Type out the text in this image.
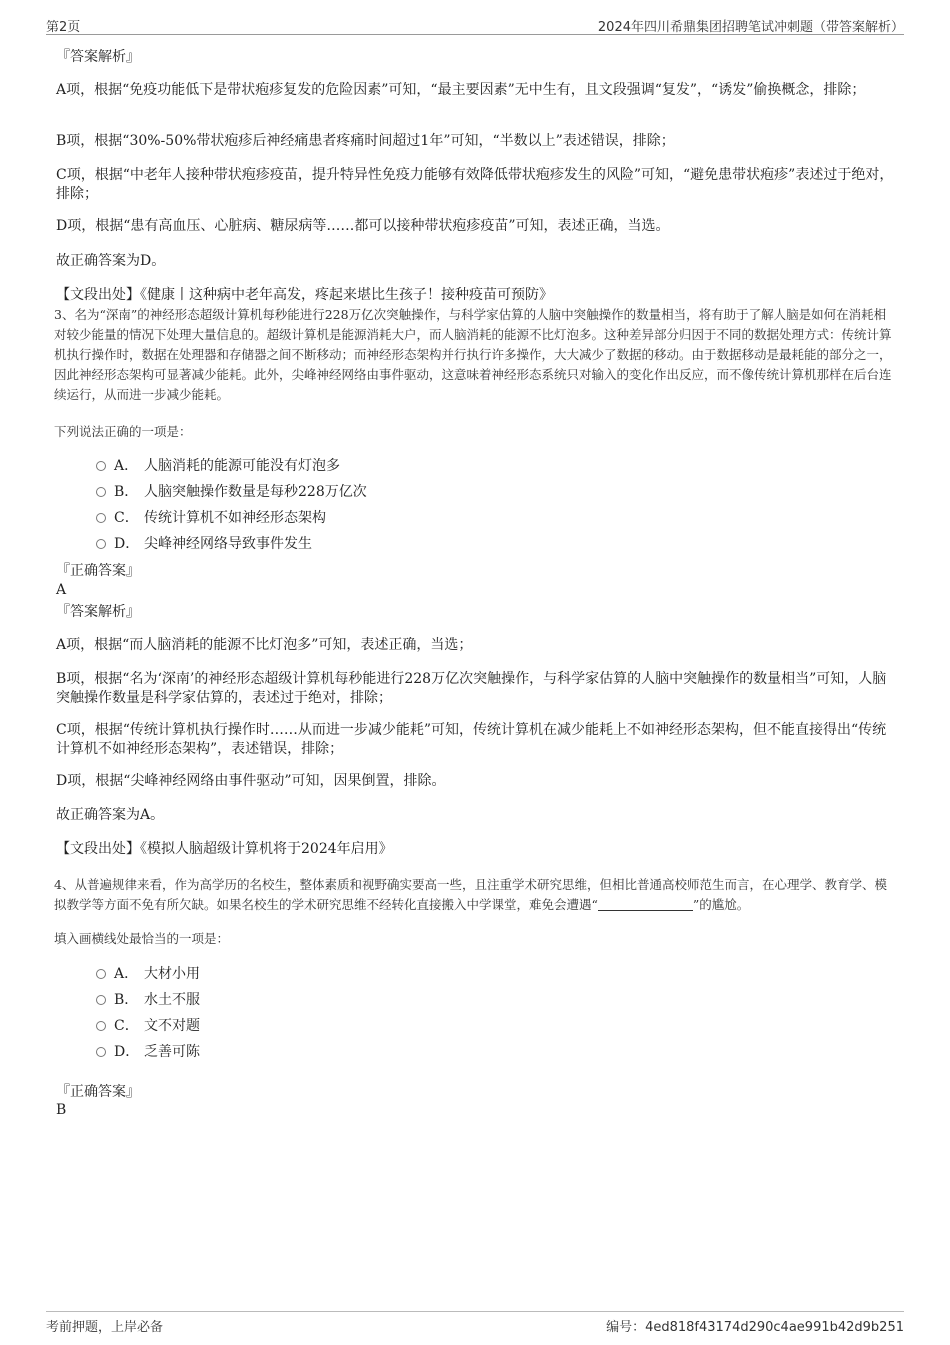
第2页	2024年四川希鼎集团招聘笔试冲刺题（带答案解析）
『答案解析』
A项，根据“免疫功能低下是带状疱疹复发的危险因素”可知，“最主要因素”无中生有，且文段强调“复发”，“诱发”偷换概念，排除；
B项，根据“30%-50%带状疱疹后神经痛患者疼痛时间超过1年”可知，“半数以上”表述错误，排除；
C项，根据“中老年人接种带状疱疹疫苗，提升特异性免疫力能够有效降低带状疱疹发生的风险”可知，“避免患带状疱疹”表述过于绝对，排除；
D项，根据“患有高血压、心脏病、糖尿病等……都可以接种带状疱疹疫苗”可知，表述正确，当选。
故正确答案为D。
【文段出处】《健康丨这种病中老年高发，疼起来堪比生孩子！接种疫苗可预防》
3、名为“深南”的神经形态超级计算机每秒能进行228万亿次突触操作，与科学家估算的人脑中突触操作的数量相当，将有助于了解人脑是如何在消耗相对较少能量的情况下处理大量信息的。超级计算机是能源消耗大户，而人脑消耗的能源不比灯泡多。这种差异部分归因于不同的数据处理方式：传统计算机执行操作时，数据在处理器和存储器之间不断移动；而神经形态架构并行执行许多操作，大大减少了数据的移动。由于数据移动是最耗能的部分之一，因此神经形态架构可显著减少能耗。此外，尖峰神经网络由事件驱动，这意味着神经形态系统只对输入的变化作出反应，而不像传统计算机那样在后台连续运行，从而进一步减少能耗。
下列说法正确的一项是：
A． 人脑消耗的能源可能没有灯泡多
B． 人脑突触操作数量是每秒228万亿次
C． 传统计算机不如神经形态架构
D． 尖峰神经网络导致事件发生
『正确答案』
A
『答案解析』
A项，根据“而人脑消耗的能源不比灯泡多”可知，表述正确，当选；
B项，根据“名为‘深南’的神经形态超级计算机每秒能进行228万亿次突触操作，与科学家估算的人脑中突触操作的数量相当”可知，人脑突触操作数量是科学家估算的，表述过于绝对，排除；
C项，根据“传统计算机执行操作时……从而进一步减少能耗”可知，传统计算机在减少能耗上不如神经形态架构，但不能直接得出“传统计算机不如神经形态架构”，表述错误，排除；
D项，根据“尖峰神经网络由事件驱动”可知，因果倒置，排除。
故正确答案为A。
【文段出处】《模拟人脑超级计算机将于2024年启用》
4、从普遍规律来看，作为高学历的名校生，整体素质和视野确实要高一些，且注重学术研究思维，但相比普通高校师范生而言，在心理学、教育学、模拟教学等方面不免有所欠缺。如果名校生的学术研究思维不经转化直接搬入中学课堂，难免会遭遇“	”的尴尬。
填入画横线处最恰当的一项是：
A． 大材小用
B． 水土不服
C． 文不对题
D． 乏善可陈
『正确答案』
B
考前押题，上岸必备	编号：4ed818f43174d290c4ae991b42d9b251
